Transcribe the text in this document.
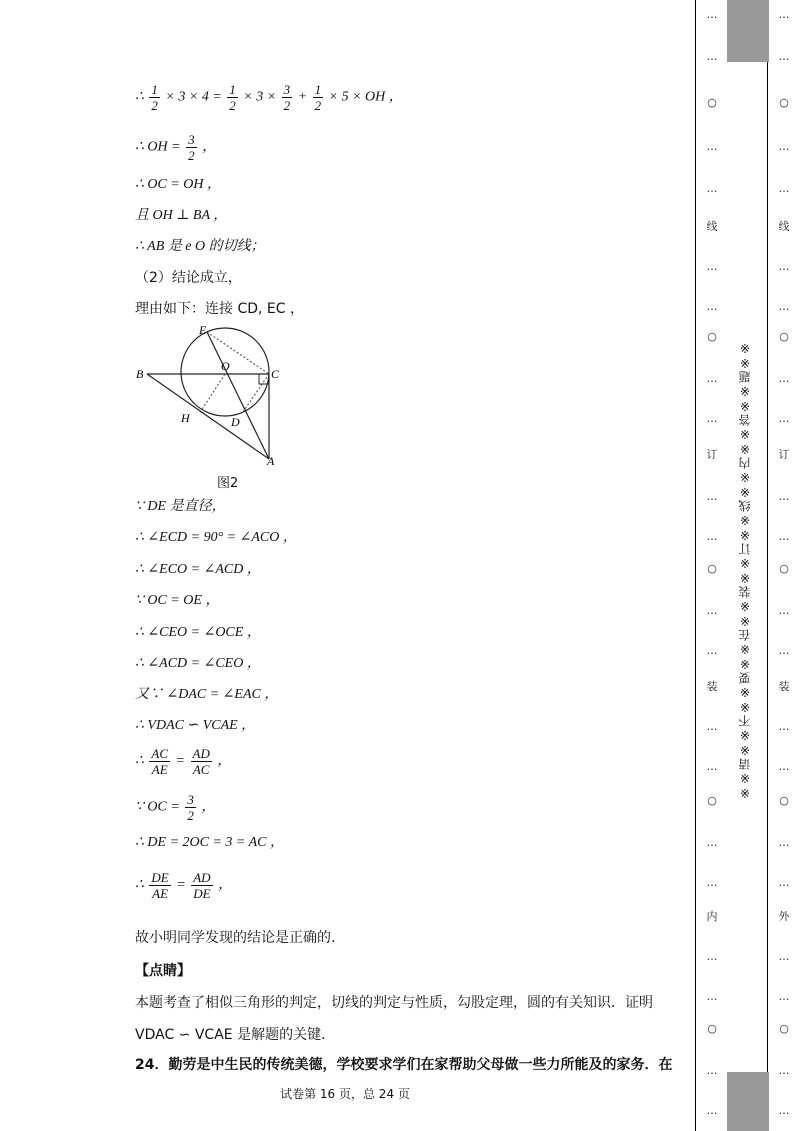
∴ $\frac{1}{2} \times 3 \times 4 = \frac{1}{2} \times 3 \times \frac{3}{2} + \frac{1}{2} \times 5$ × OH ，
∴ OH = $\frac{3}{2}$ ，
∴ OC = OH ，
且 OH ⊥ BA ，
∴ AB 是 e O 的切线；
（2）结论成立，
理由如下：连接 CD, EC ，
E
O
C
B
H	D
A
图2
∵ DE 是直径，
∴ ∠ECD = 90° = ∠ACO ，
∴ ∠ECO = ∠ACD ，
∵ OC = OE ，
∴ ∠CEO = ∠OCE ，
∴ ∠ACD = ∠CEO ，
又∵ ∠DAC = ∠EAC ，
∴ VDAC ∽ VCAE ，
∴ $\frac{AC}{AE} = \frac{AD}{AC}$ ，
∵ OC = $\frac{3}{2}$ ，
∴ DE = 2OC = 3 = AC ，
∴ $\frac{DE}{AE} = \frac{AD}{DE}$ ，
故小明同学发现的结论是正确的.
【点睛】
本题考查了相似三角形的判定，切线的判定与性质，勾股定理，圆的有关知识．证明
VDAC ∽ VCAE 是解题的关键．
24．勤劳是中生民的传统美德，学校要求学们在家帮助父母做一些力所能及的家务．在
试卷第 16 页，总 24 页
※※请※※不※※要※※在※※装※※订※※线※※内※※答※※题※※
…
…
○
…
…
线
…
…
○
…
…
订
…
…
○
…
…
装
…
…
○
…
…
内
…
…
○
…
…
…
…
○
…
…
线
…
…
○
…
…
订
…
…
○
…
…
装
…
…
○
…
…
外
…
…
○
…
…
